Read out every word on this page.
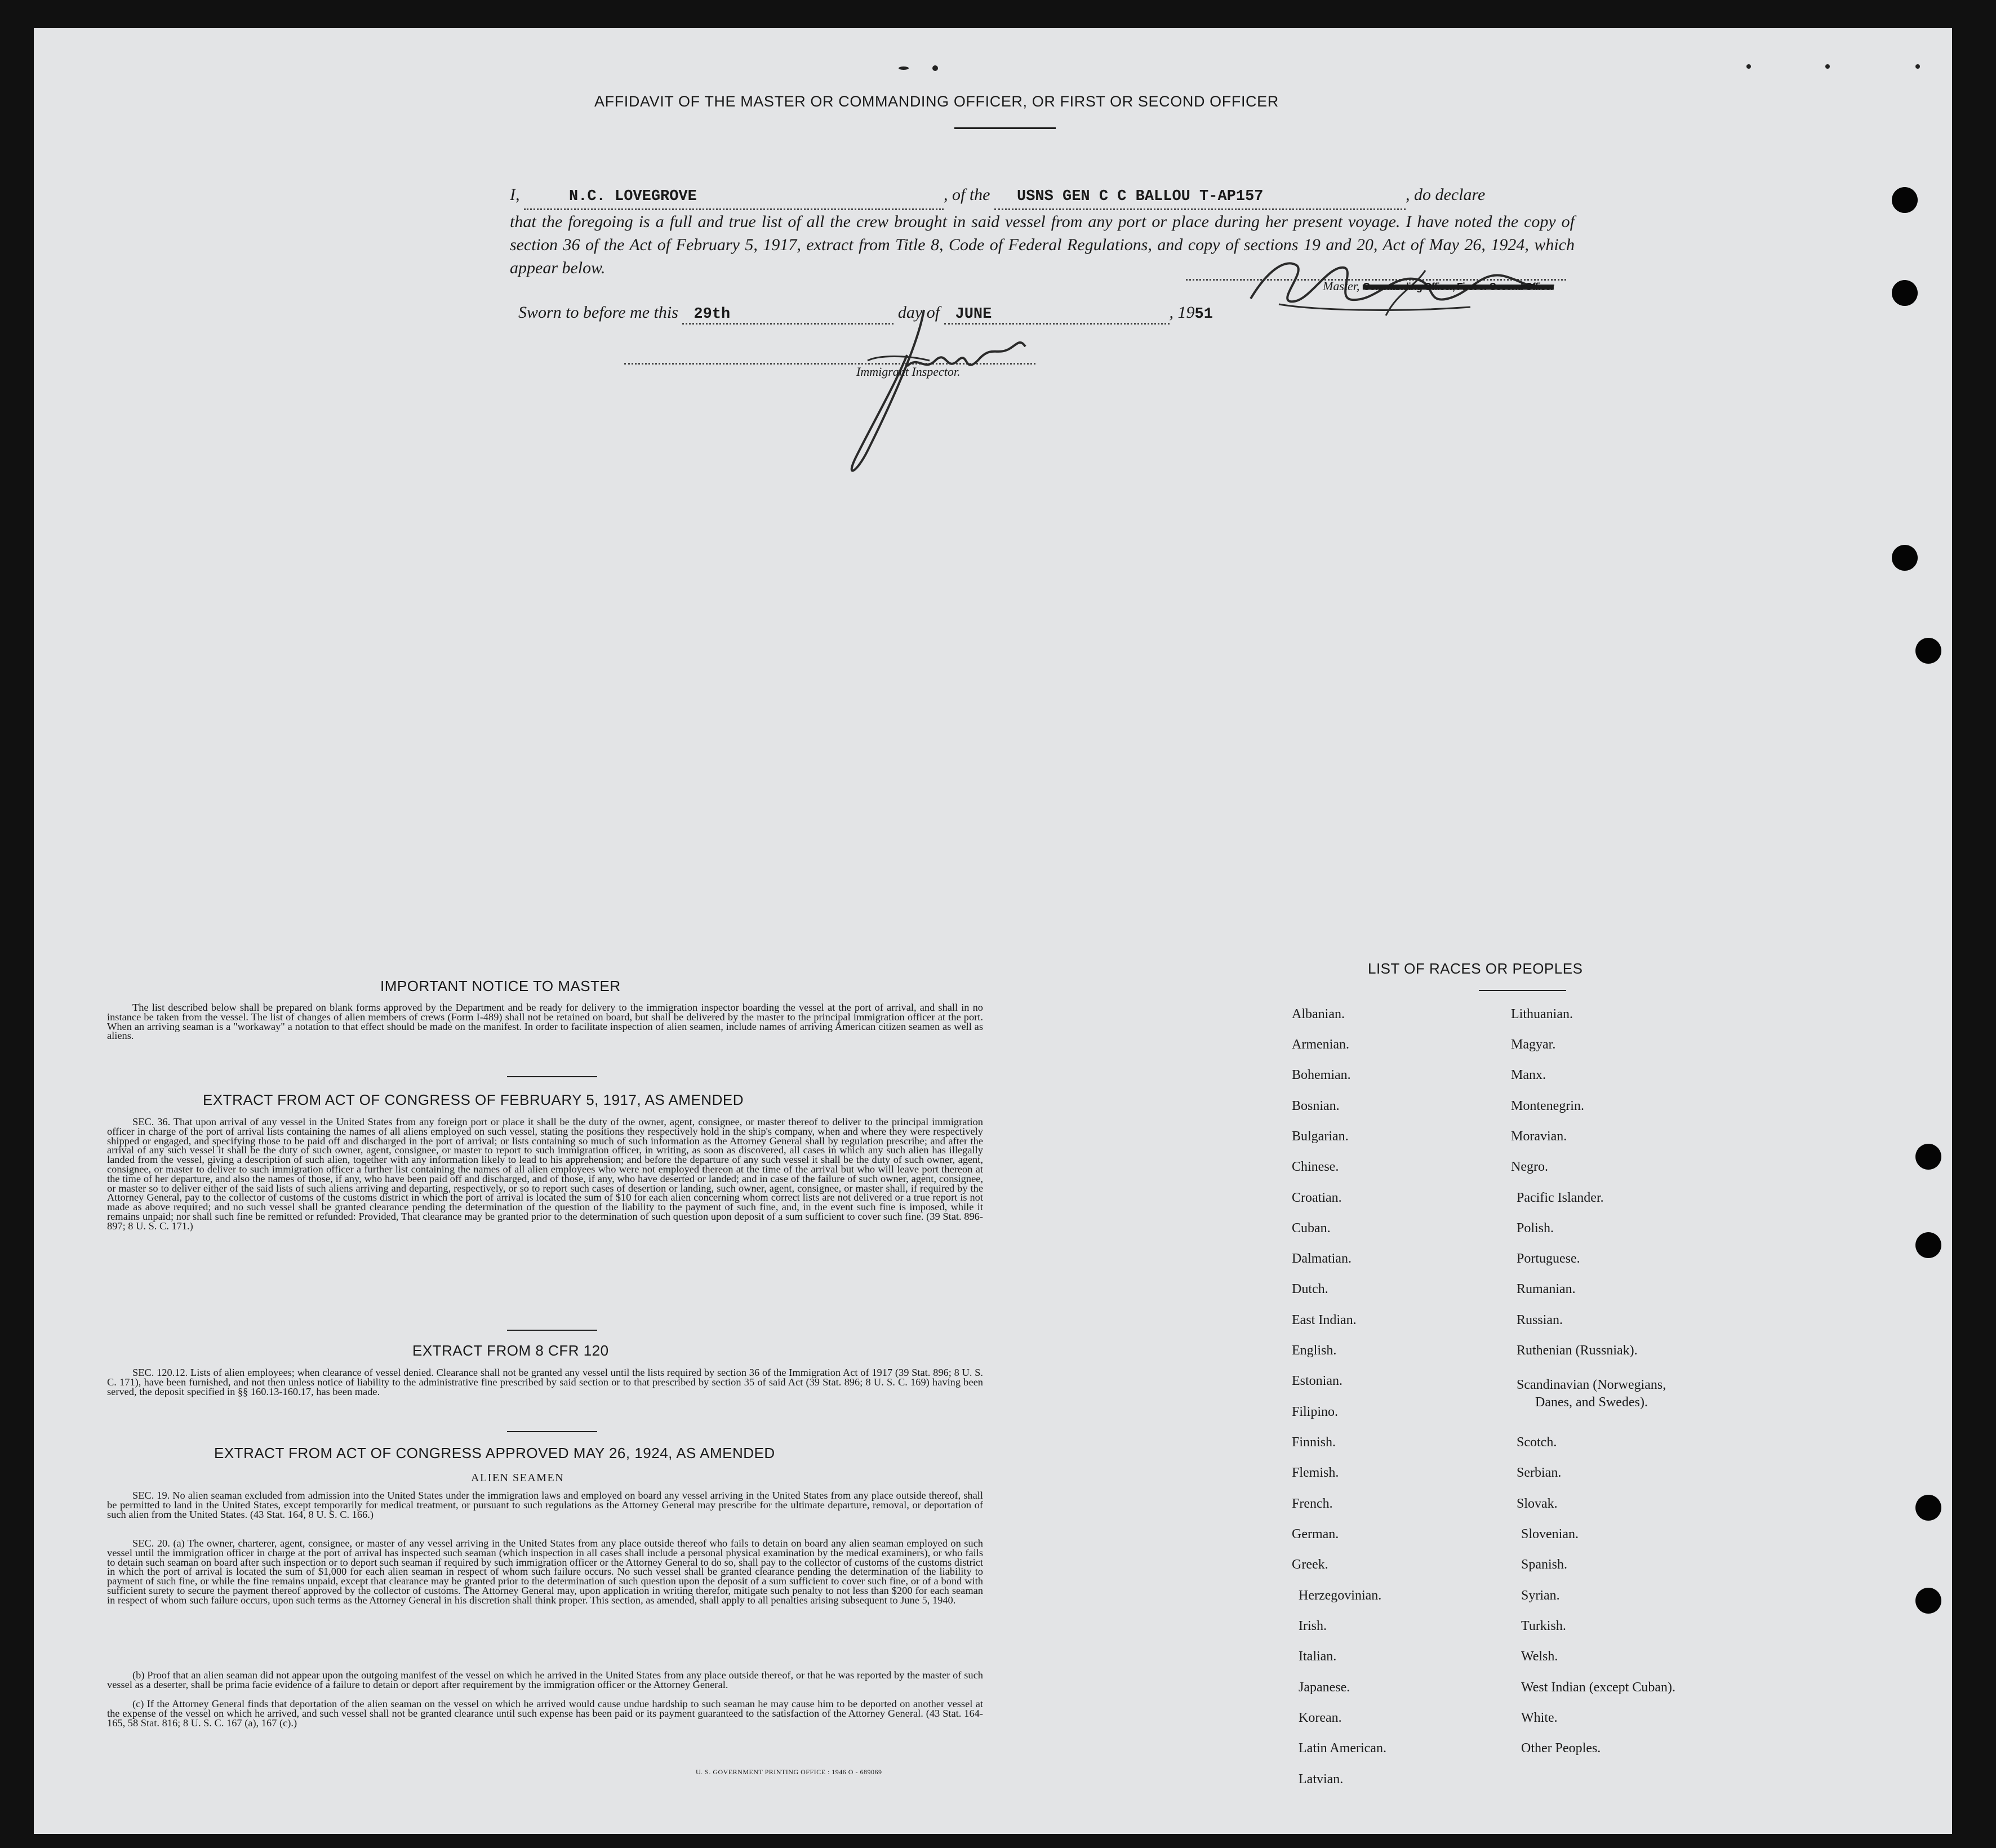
AFFIDAVIT OF THE MASTER OR COMMANDING OFFICER, OR FIRST OR SECOND OFFICER
I,	N.C. LOVEGROVE	, of the USNS GEN C C BALLOU T-AP157	, do declare
that the foregoing is a full and true list of all the crew brought in said vessel from any port or place during her present voyage. I have noted the copy of section 36 of the Act of February 5, 1917, extract from Title 8, Code of Federal Regulations, and copy of sections 19 and 20, Act of May 26, 1924, which appear below.
Master, Commanding Officer, First or Second Officer
Sworn to before me this 29th	day of JUNE	, 1951
Immigrant Inspector.
IMPORTANT NOTICE TO MASTER
The list described below shall be prepared on blank forms approved by the Department and be ready for delivery to the immigration inspector boarding the vessel at the port of arrival, and shall in no instance be taken from the vessel. The list of changes of alien members of crews (Form I-489) shall not be retained on board, but shall be delivered by the master to the principal immigration officer at the port. When an arriving seaman is a "workaway" a notation to that effect should be made on the manifest. In order to facilitate inspection of alien seamen, include names of arriving American citizen seamen as well as aliens.
EXTRACT FROM ACT OF CONGRESS OF FEBRUARY 5, 1917, AS AMENDED
SEC. 36. That upon arrival of any vessel in the United States from any foreign port or place it shall be the duty of the owner, agent, consignee, or master thereof to deliver to the principal immigration officer in charge of the port of arrival lists containing the names of all aliens employed on such vessel, stating the positions they respectively hold in the ship's company, when and where they were respectively shipped or engaged, and specifying those to be paid off and discharged in the port of arrival; or lists containing so much of such information as the Attorney General shall by regulation prescribe; and after the arrival of any such vessel it shall be the duty of such owner, agent, consignee, or master to report to such immigration officer, in writing, as soon as discovered, all cases in which any such alien has illegally landed from the vessel, giving a description of such alien, together with any information likely to lead to his apprehension; and before the departure of any such vessel it shall be the duty of such owner, agent, consignee, or master to deliver to such immigration officer a further list containing the names of all alien employees who were not employed thereon at the time of the arrival but who will leave port thereon at the time of her departure, and also the names of those, if any, who have been paid off and discharged, and of those, if any, who have deserted or landed; and in case of the failure of such owner, agent, consignee, or master so to deliver either of the said lists of such aliens arriving and departing, respectively, or so to report such cases of desertion or landing, such owner, agent, consignee, or master shall, if required by the Attorney General, pay to the collector of customs of the customs district in which the port of arrival is located the sum of $10 for each alien concerning whom correct lists are not delivered or a true report is not made as above required; and no such vessel shall be granted clearance pending the determination of the question of the liability to the payment of such fine, and, in the event such fine is imposed, while it remains unpaid; nor shall such fine be remitted or refunded: Provided, That clearance may be granted prior to the determination of such question upon deposit of a sum sufficient to cover such fine. (39 Stat. 896-897; 8 U. S. C. 171.)
EXTRACT FROM 8 CFR 120
SEC. 120.12. Lists of alien employees; when clearance of vessel denied. Clearance shall not be granted any vessel until the lists required by section 36 of the Immigration Act of 1917 (39 Stat. 896; 8 U. S. C. 171), have been furnished, and not then unless notice of liability to the administrative fine prescribed by said section or to that prescribed by section 35 of said Act (39 Stat. 896; 8 U. S. C. 169) having been served, the deposit specified in §§ 160.13-160.17, has been made.
EXTRACT FROM ACT OF CONGRESS APPROVED MAY 26, 1924, AS AMENDED
ALIEN SEAMEN
SEC. 19. No alien seaman excluded from admission into the United States under the immigration laws and employed on board any vessel arriving in the United States from any place outside thereof, shall be permitted to land in the United States, except temporarily for medical treatment, or pursuant to such regulations as the Attorney General may prescribe for the ultimate departure, removal, or deportation of such alien from the United States. (43 Stat. 164, 8 U. S. C. 166.)
SEC. 20. (a) The owner, charterer, agent, consignee, or master of any vessel arriving in the United States from any place outside thereof who fails to detain on board any alien seaman employed on such vessel until the immigration officer in charge at the port of arrival has inspected such seaman (which inspection in all cases shall include a personal physical examination by the medical examiners), or who fails to detain such seaman on board after such inspection or to deport such seaman if required by such immigration officer or the Attorney General to do so, shall pay to the collector of customs of the customs district in which the port of arrival is located the sum of $1,000 for each alien seaman in respect of whom such failure occurs. No such vessel shall be granted clearance pending the determination of the liability to payment of such fine, or while the fine remains unpaid, except that clearance may be granted prior to the determination of such question upon the deposit of a sum sufficient to cover such fine, or of a bond with sufficient surety to secure the payment thereof approved by the collector of customs. The Attorney General may, upon application in writing therefor, mitigate such penalty to not less than $200 for each seaman in respect of whom such failure occurs, upon such terms as the Attorney General in his discretion shall think proper. This section, as amended, shall apply to all penalties arising subsequent to June 5, 1940.
(b) Proof that an alien seaman did not appear upon the outgoing manifest of the vessel on which he arrived in the United States from any place outside thereof, or that he was reported by the master of such vessel as a deserter, shall be prima facie evidence of a failure to detain or deport after requirement by the immigration officer or the Attorney General.
(c) If the Attorney General finds that deportation of the alien seaman on the vessel on which he arrived would cause undue hardship to such seaman he may cause him to be deported on another vessel at the expense of the vessel on which he arrived, and such vessel shall not be granted clearance until such expense has been paid or its payment guaranteed to the satisfaction of the Attorney General. (43 Stat. 164-165, 58 Stat. 816; 8 U. S. C. 167 (a), 167 (c).)
U. S. GOVERNMENT PRINTING OFFICE : 1946 O - 689069
LIST OF RACES OR PEOPLES
Albanian.
Armenian.
Bohemian.
Bosnian.
Bulgarian.
Chinese.
Croatian.
Cuban.
Dalmatian.
Dutch.
East Indian.
English.
Estonian.
Filipino.
Finnish.
Flemish.
French.
German.
Greek.
Herzegovinian.
Irish.
Italian.
Japanese.
Korean.
Latin American.
Latvian.
Lithuanian.
Magyar.
Manx.
Montenegrin.
Moravian.
Negro.
Pacific Islander.
Polish.
Portuguese.
Rumanian.
Russian.
Ruthenian (Russniak).
Scandinavian (Norwegians,
Danes, and Swedes).
Scotch.
Serbian.
Slovak.
Slovenian.
Spanish.
Syrian.
Turkish.
Welsh.
West Indian (except Cuban).
White.
Other Peoples.
